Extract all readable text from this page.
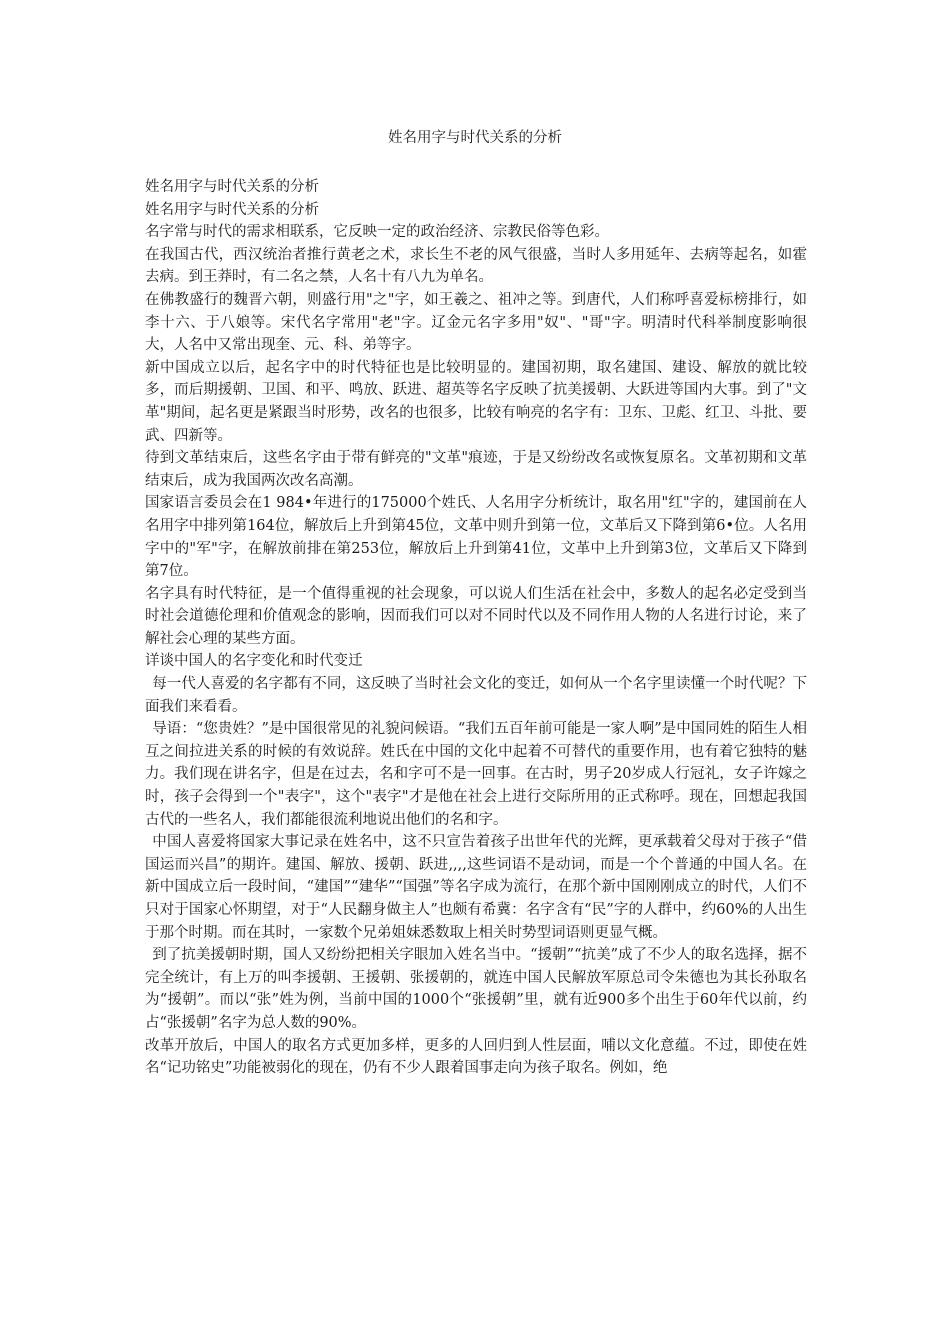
姓名用字与时代关系的分析

姓名用字与时代关系的分析

姓名用字与时代关系的分析

名字常与时代的需求相联系，它反映一定的政治经济、宗教民俗等色彩。

在我国古代，西汉统治者推行黄老之术，求长生不老的风气很盛，当时人多用延年、去病等起名，如霍去病。到王莽时，有二名之禁，人名十有八九为单名。

在佛教盛行的魏晋六朝，则盛行用"之"字，如王羲之、祖冲之等。到唐代，人们称呼喜爱标榜排行，如李十六、于八娘等。宋代名字常用"老"字。辽金元名字多用"奴"、"哥"字。明清时代科举制度影响很大，人名中又常出现奎、元、科、弟等字。

新中国成立以后，起名字中的时代特征也是比较明显的。建国初期，取名建国、建设、解放的就比较多，而后期援朝、卫国、和平、鸣放、跃进、超英等名字反映了抗美援朝、大跃进等国内大事。到了"文革"期间，起名更是紧跟当时形势，改名的也很多，比较有响亮的名字有：卫东、卫彪、红卫、斗批、要武、四新等。

待到文革结束后，这些名字由于带有鲜亮的"文革"痕迹，于是又纷纷改名或恢复原名。文革初期和文革结束后，成为我国两次改名高潮。

国家语言委员会在1 984•年进行的175000个姓氏、人名用字分析统计，取名用"红"字的，建国前在人名用字中排列第164位，解放后上升到第45位，文革中则升到第一位，文革后又下降到第6•位。人名用字中的"军"字，在解放前排在第253位，解放后上升到第41位，文革中上升到第3位，文革后又下降到第7位。

名字具有时代特征，是一个值得重视的社会现象，可以说人们生活在社会中，多数人的起名必定受到当时社会道德伦理和价值观念的影响，因而我们可以对不同时代以及不同作用人物的人名进行讨论，来了解社会心理的某些方面。

详谈中国人的名字变化和时代变迁

每一代人喜爱的名字都有不同，这反映了当时社会文化的变迁，如何从一个名字里读懂一个时代呢？下面我们来看看。

导语：“您贵姓？”是中国很常见的礼貌问候语。“我们五百年前可能是一家人啊”是中国同姓的陌生人相互之间拉进关系的时候的有效说辞。姓氏在中国的文化中起着不可替代的重要作用，也有着它独特的魅力。我们现在讲名字，但是在过去，名和字可不是一回事。在古时，男子20岁成人行冠礼，女子许嫁之时，孩子会得到一个"表字"，这个"表字"才是他在社会上进行交际所用的正式称呼。现在，回想起我国古代的一些名人，我们都能很流利地说出他们的名和字。

中国人喜爱将国家大事记录在姓名中，这不只宣告着孩子出世年代的光辉，更承载着父母对于孩子“借国运而兴昌”的期许。建国、解放、援朝、跃进,,,,这些词语不是动词，而是一个个普通的中国人名。在新中国成立后一段时间，“建国”“建华”“国强”等名字成为流行，在那个新中国刚刚成立的时代，人们不只对于国家心怀期望，对于“人民翻身做主人”也颇有希冀：名字含有“民”字的人群中，约60%的人出生于那个时期。而在其时，一家数个兄弟姐妹悉数取上相关时势型词语则更显气概。

到了抗美援朝时期，国人又纷纷把相关字眼加入姓名当中。“援朝”“抗美”成了不少人的取名选择，据不完全统计，有上万的叫李援朝、王援朝、张援朝的，就连中国人民解放军原总司令朱德也为其长孙取名为“援朝”。而以“张”姓为例，当前中国的1000个“张援朝”里，就有近900多个出生于60年代以前，约占“张援朝”名字为总人数的90%。

改革开放后，中国人的取名方式更加多样，更多的人回归到人性层面，哺以文化意蕴。不过，即使在姓名“记功铭史”功能被弱化的现在，仍有不少人跟着国事走向为孩子取名。例如，绝
